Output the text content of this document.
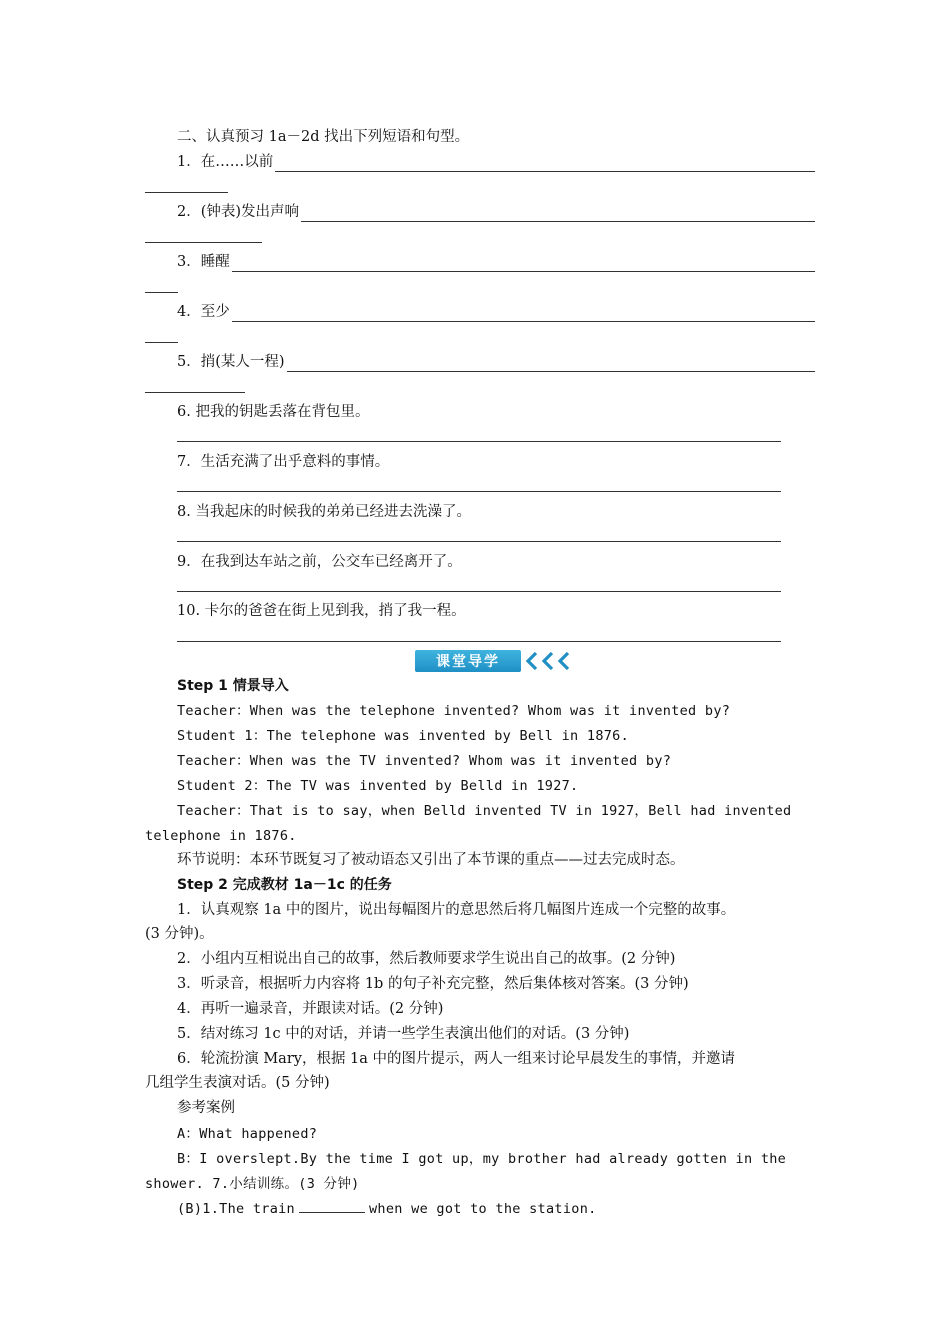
二、认真预习 1a－2d 找出下列短语和句型。
1．在……以前
2．(钟表)发出声响
3．睡醒
4．至少
5．捎(某人一程)
6. 把我的钥匙丢落在背包里。
7．生活充满了出乎意料的事情。
8. 当我起床的时候我的弟弟已经进去洗澡了。
9．在我到达车站之前，公交车已经离开了。
10. 卡尔的爸爸在街上见到我，捎了我一程。
课堂导学
Step 1 情景导入
Teacher：When was the telephone invented? Whom was it invented by?
Student 1：The telephone was invented by Bell in 1876.
Teacher：When was the TV invented? Whom was it invented by?
Student 2：The TV was invented by Belld in 1927.
Teacher：That is to say，when Belld invented TV in 1927，Bell had invented
telephone in 1876.
环节说明：本环节既复习了被动语态又引出了本节课的重点——过去完成时态。
Step 2 完成教材 1a－1c 的任务
1．认真观察 1a 中的图片，说出每幅图片的意思然后将几幅图片连成一个完整的故事。
(3 分钟)。
2．小组内互相说出自己的故事，然后教师要求学生说出自己的故事。(2 分钟)
3．听录音，根据听力内容将 1b 的句子补充完整，然后集体核对答案。(3 分钟)
4．再听一遍录音，并跟读对话。(2 分钟)
5．结对练习 1c 中的对话，并请一些学生表演出他们的对话。(3 分钟)
6．轮流扮演 Mary，根据 1a 中的图片提示，两人一组来讨论早晨发生的事情，并邀请
几组学生表演对话。(5 分钟)
参考案例
A：What happened?
B：I overslept.By the time I got up，my brother had already gotten in the
shower. 7.小结训练。(3 分钟)
(B)1.The train	when we got to the station.
